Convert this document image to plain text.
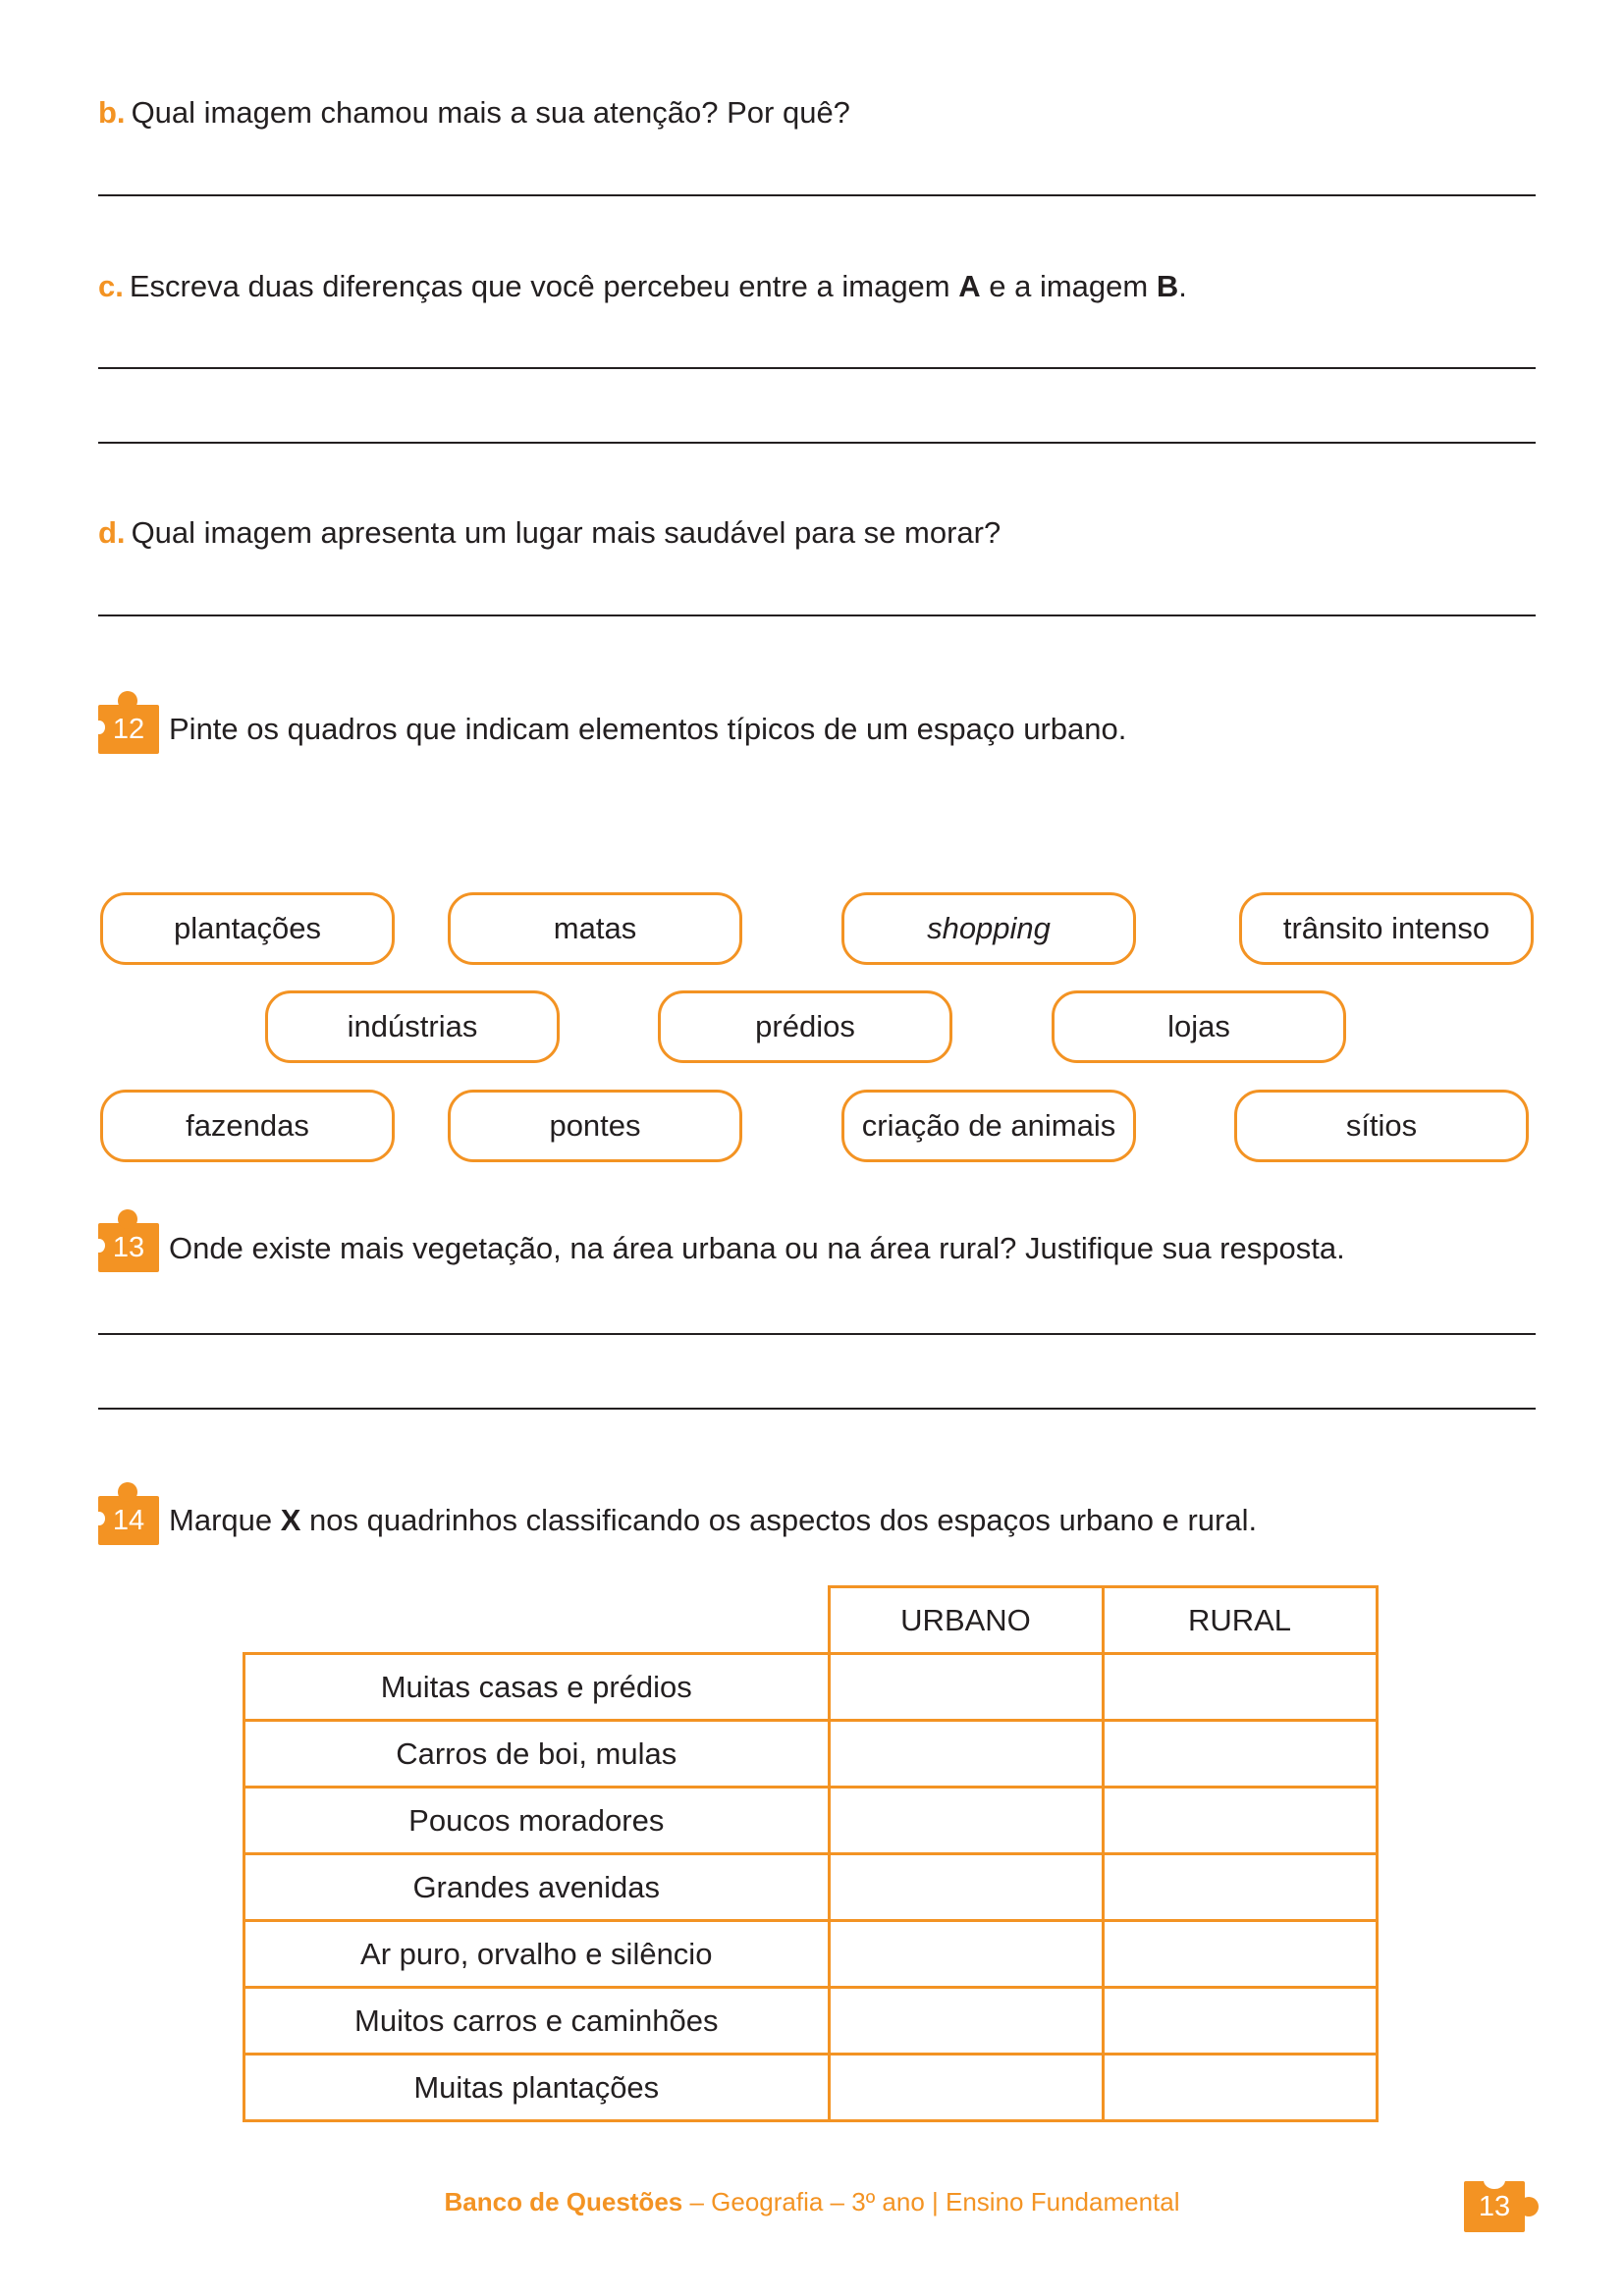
b. Qual imagem chamou mais a sua atenção? Por quê?
c. Escreva duas diferenças que você percebeu entre a imagem A e a imagem B.
d. Qual imagem apresenta um lugar mais saudável para se morar?
12 Pinte os quadros que indicam elementos típicos de um espaço urbano.
plantações	matas	shopping	trânsito intenso
indústrias	prédios	lojas
fazendas	pontes	criação de animais	sítios
13 Onde existe mais vegetação, na área urbana ou na área rural? Justifique sua resposta.
14 Marque X nos quadrinhos classificando os aspectos dos espaços urbano e rural.
	URBANO	RURAL
Muitas casas e prédios		
Carros de boi, mulas		
Poucos moradores		
Grandes avenidas		
Ar puro, orvalho e silêncio		
Muitos carros e caminhões		
Muitas plantações		
Banco de Questões – Geografia – 3º ano | Ensino Fundamental	13
